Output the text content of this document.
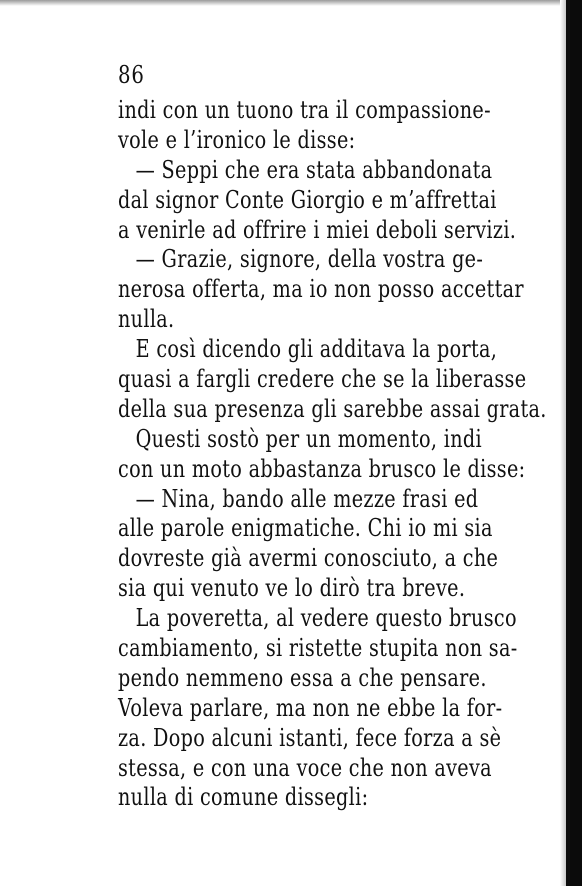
86
indi con un tuono tra il compassione-
vole e l’ironico le disse:
— Seppi che era stata abbandonata
dal signor Conte Giorgio e m’affrettai
a venirle ad offrire i miei deboli servizi.
— Grazie, signore, della vostra ge-
nerosa offerta, ma io non posso accettar
nulla.
E così dicendo gli additava la porta,
quasi a fargli credere che se la liberasse
della sua presenza gli sarebbe assai grata.
Questi sostò per un momento, indi
con un moto abbastanza brusco le disse:
— Nina, bando alle mezze frasi ed
alle parole enigmatiche. Chi io mi sia
dovreste già avermi conosciuto, a che
sia qui venuto ve lo dirò tra breve.
La poveretta, al vedere questo brusco
cambiamento, si ristette stupita non sa-
pendo nemmeno essa a che pensare.
Voleva parlare, ma non ne ebbe la for-
za. Dopo alcuni istanti, fece forza a sè
stessa, e con una voce che non aveva
nulla di comune dissegli:
